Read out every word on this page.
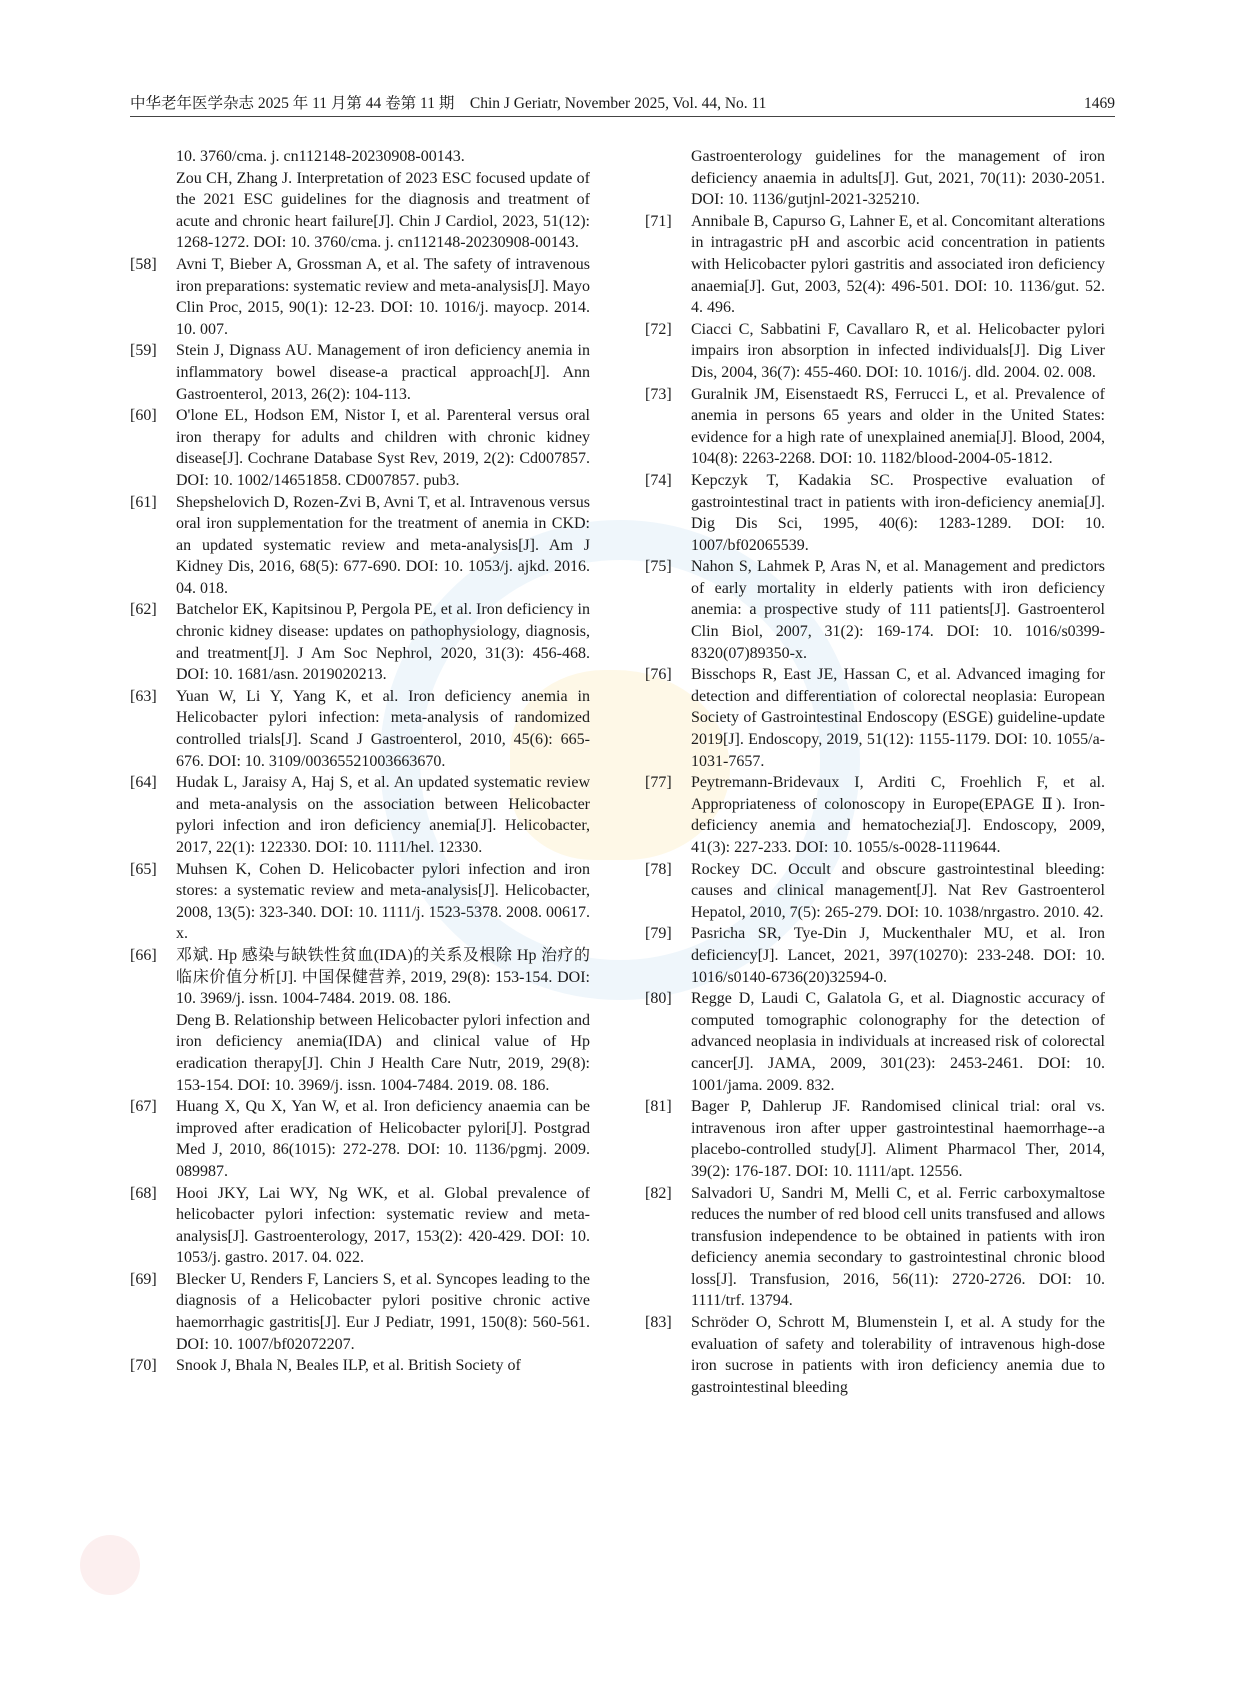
中华老年医学杂志 2025 年 11 月第 44 卷第 11 期　Chin J Geriatr, November 2025, Vol. 44, No. 11	1469
10. 3760/cma. j. cn112148-20230908-00143.
Zou CH, Zhang J. Interpretation of 2023 ESC focused update of the 2021 ESC guidelines for the diagnosis and treatment of acute and chronic heart failure[J]. Chin J Cardiol, 2023, 51(12): 1268-1272. DOI: 10. 3760/cma. j. cn112148-20230908-00143.
[58] Avni T, Bieber A, Grossman A, et al. The safety of intravenous iron preparations: systematic review and meta-analysis[J]. Mayo Clin Proc, 2015, 90(1): 12-23. DOI: 10. 1016/j. mayocp. 2014. 10. 007.
[59] Stein J, Dignass AU. Management of iron deficiency anemia in inflammatory bowel disease-a practical approach[J]. Ann Gastroenterol, 2013, 26(2): 104-113.
[60] O'lone EL, Hodson EM, Nistor I, et al. Parenteral versus oral iron therapy for adults and children with chronic kidney disease[J]. Cochrane Database Syst Rev, 2019, 2(2): Cd007857. DOI: 10. 1002/14651858. CD007857. pub3.
[61] Shepshelovich D, Rozen-Zvi B, Avni T, et al. Intravenous versus oral iron supplementation for the treatment of anemia in CKD: an updated systematic review and meta-analysis[J]. Am J Kidney Dis, 2016, 68(5): 677-690. DOI: 10. 1053/j. ajkd. 2016. 04. 018.
[62] Batchelor EK, Kapitsinou P, Pergola PE, et al. Iron deficiency in chronic kidney disease: updates on pathophysiology, diagnosis, and treatment[J]. J Am Soc Nephrol, 2020, 31(3): 456-468. DOI: 10. 1681/asn. 2019020213.
[63] Yuan W, Li Y, Yang K, et al. Iron deficiency anemia in Helicobacter pylori infection: meta-analysis of randomized controlled trials[J]. Scand J Gastroenterol, 2010, 45(6): 665-676. DOI: 10. 3109/00365521003663670.
[64] Hudak L, Jaraisy A, Haj S, et al. An updated systematic review and meta-analysis on the association between Helicobacter pylori infection and iron deficiency anemia[J]. Helicobacter, 2017, 22(1): 122330. DOI: 10. 1111/hel. 12330.
[65] Muhsen K, Cohen D. Helicobacter pylori infection and iron stores: a systematic review and meta-analysis[J]. Helicobacter, 2008, 13(5): 323-340. DOI: 10. 1111/j. 1523-5378. 2008. 00617. x.
[66] 邓斌. Hp 感染与缺铁性贫血(IDA)的关系及根除 Hp 治疗的临床价值分析[J]. 中国保健营养, 2019, 29(8): 153-154. DOI: 10. 3969/j. issn. 1004-7484. 2019. 08. 186.
Deng B. Relationship between Helicobacter pylori infection and iron deficiency anemia(IDA) and clinical value of Hp eradication therapy[J]. Chin J Health Care Nutr, 2019, 29(8): 153-154. DOI: 10. 3969/j. issn. 1004-7484. 2019. 08. 186.
[67] Huang X, Qu X, Yan W, et al. Iron deficiency anaemia can be improved after eradication of Helicobacter pylori[J]. Postgrad Med J, 2010, 86(1015): 272-278. DOI: 10. 1136/pgmj. 2009. 089987.
[68] Hooi JKY, Lai WY, Ng WK, et al. Global prevalence of helicobacter pylori infection: systematic review and meta-analysis[J]. Gastroenterology, 2017, 153(2): 420-429. DOI: 10. 1053/j. gastro. 2017. 04. 022.
[69] Blecker U, Renders F, Lanciers S, et al. Syncopes leading to the diagnosis of a Helicobacter pylori positive chronic active haemorrhagic gastritis[J]. Eur J Pediatr, 1991, 150(8): 560-561. DOI: 10. 1007/bf02072207.
[70] Snook J, Bhala N, Beales ILP, et al. British Society of
Gastroenterology guidelines for the management of iron deficiency anaemia in adults[J]. Gut, 2021, 70(11): 2030-2051. DOI: 10. 1136/gutjnl-2021-325210.
[71] Annibale B, Capurso G, Lahner E, et al. Concomitant alterations in intragastric pH and ascorbic acid concentration in patients with Helicobacter pylori gastritis and associated iron deficiency anaemia[J]. Gut, 2003, 52(4): 496-501. DOI: 10. 1136/gut. 52. 4. 496.
[72] Ciacci C, Sabbatini F, Cavallaro R, et al. Helicobacter pylori impairs iron absorption in infected individuals[J]. Dig Liver Dis, 2004, 36(7): 455-460. DOI: 10. 1016/j. dld. 2004. 02. 008.
[73] Guralnik JM, Eisenstaedt RS, Ferrucci L, et al. Prevalence of anemia in persons 65 years and older in the United States: evidence for a high rate of unexplained anemia[J]. Blood, 2004, 104(8): 2263-2268. DOI: 10. 1182/blood-2004-05-1812.
[74] Kepczyk T, Kadakia SC. Prospective evaluation of gastrointestinal tract in patients with iron-deficiency anemia[J]. Dig Dis Sci, 1995, 40(6): 1283-1289. DOI: 10. 1007/bf02065539.
[75] Nahon S, Lahmek P, Aras N, et al. Management and predictors of early mortality in elderly patients with iron deficiency anemia: a prospective study of 111 patients[J]. Gastroenterol Clin Biol, 2007, 31(2): 169-174. DOI: 10. 1016/s0399-8320(07)89350-x.
[76] Bisschops R, East JE, Hassan C, et al. Advanced imaging for detection and differentiation of colorectal neoplasia: European Society of Gastrointestinal Endoscopy (ESGE) guideline-update 2019[J]. Endoscopy, 2019, 51(12): 1155-1179. DOI: 10. 1055/a-1031-7657.
[77] Peytremann-Bridevaux I, Arditi C, Froehlich F, et al. Appropriateness of colonoscopy in Europe(EPAGE Ⅱ). Iron-deficiency anemia and hematochezia[J]. Endoscopy, 2009, 41(3): 227-233. DOI: 10. 1055/s-0028-1119644.
[78] Rockey DC. Occult and obscure gastrointestinal bleeding: causes and clinical management[J]. Nat Rev Gastroenterol Hepatol, 2010, 7(5): 265-279. DOI: 10. 1038/nrgastro. 2010. 42.
[79] Pasricha SR, Tye-Din J, Muckenthaler MU, et al. Iron deficiency[J]. Lancet, 2021, 397(10270): 233-248. DOI: 10. 1016/s0140-6736(20)32594-0.
[80] Regge D, Laudi C, Galatola G, et al. Diagnostic accuracy of computed tomographic colonography for the detection of advanced neoplasia in individuals at increased risk of colorectal cancer[J]. JAMA, 2009, 301(23): 2453-2461. DOI: 10. 1001/jama. 2009. 832.
[81] Bager P, Dahlerup JF. Randomised clinical trial: oral vs. intravenous iron after upper gastrointestinal haemorrhage--a placebo-controlled study[J]. Aliment Pharmacol Ther, 2014, 39(2): 176-187. DOI: 10. 1111/apt. 12556.
[82] Salvadori U, Sandri M, Melli C, et al. Ferric carboxymaltose reduces the number of red blood cell units transfused and allows transfusion independence to be obtained in patients with iron deficiency anemia secondary to gastrointestinal chronic blood loss[J]. Transfusion, 2016, 56(11): 2720-2726. DOI: 10. 1111/trf. 13794.
[83] Schröder O, Schrott M, Blumenstein I, et al. A study for the evaluation of safety and tolerability of intravenous high-dose iron sucrose in patients with iron deficiency anemia due to gastrointestinal bleeding
